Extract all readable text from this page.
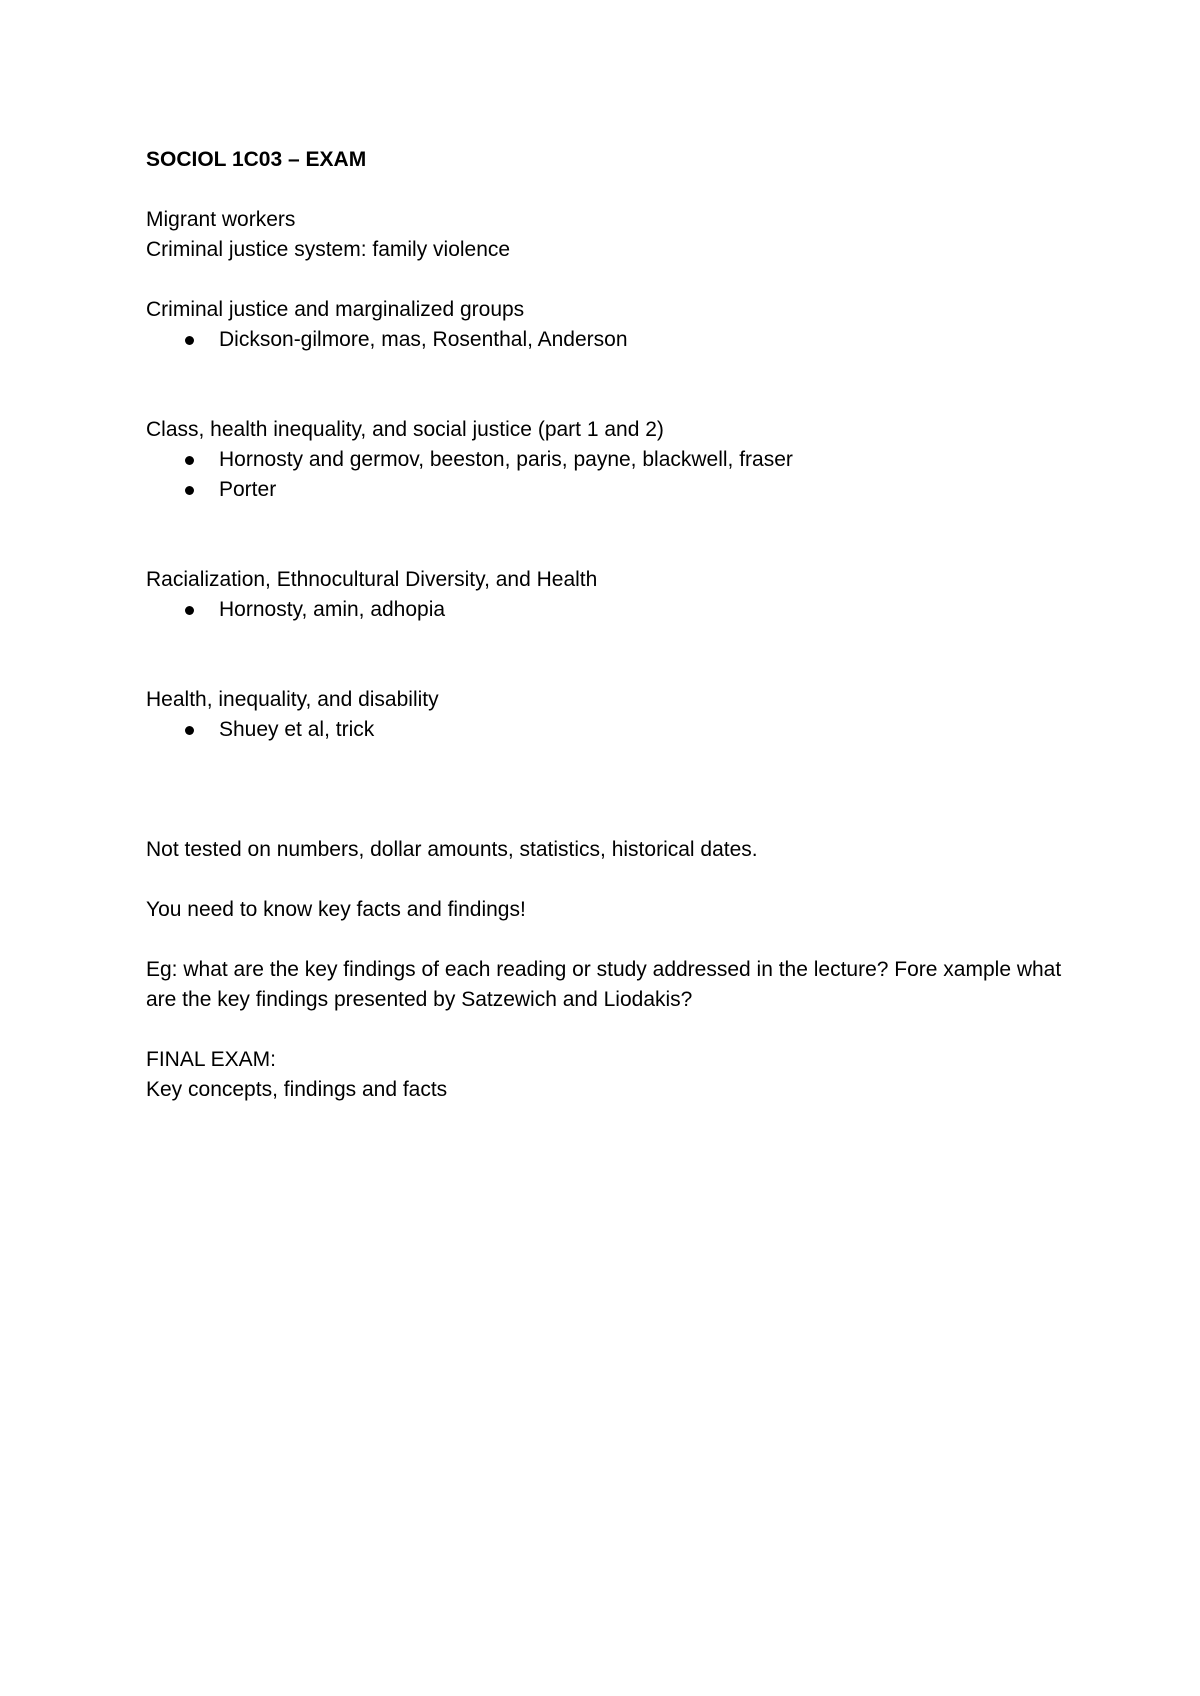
SOCIOL 1C03 – EXAM

Migrant workers

Criminal justice system: family violence

Criminal justice and marginalized groups

Dickson-gilmore, mas, Rosenthal, Anderson

Class, health inequality, and social justice (part 1 and 2)

Hornosty and germov, beeston, paris, payne, blackwell, fraser
Porter

Racialization, Ethnocultural Diversity, and Health

Hornosty, amin, adhopia

Health, inequality, and disability

Shuey et al, trick

Not tested on numbers, dollar amounts, statistics, historical dates.

You need to know key facts and findings!

Eg: what are the key findings of each reading or study addressed in the lecture? Fore xample what are the key findings presented by Satzewich and Liodakis?

FINAL EXAM:

Key concepts, findings and facts
